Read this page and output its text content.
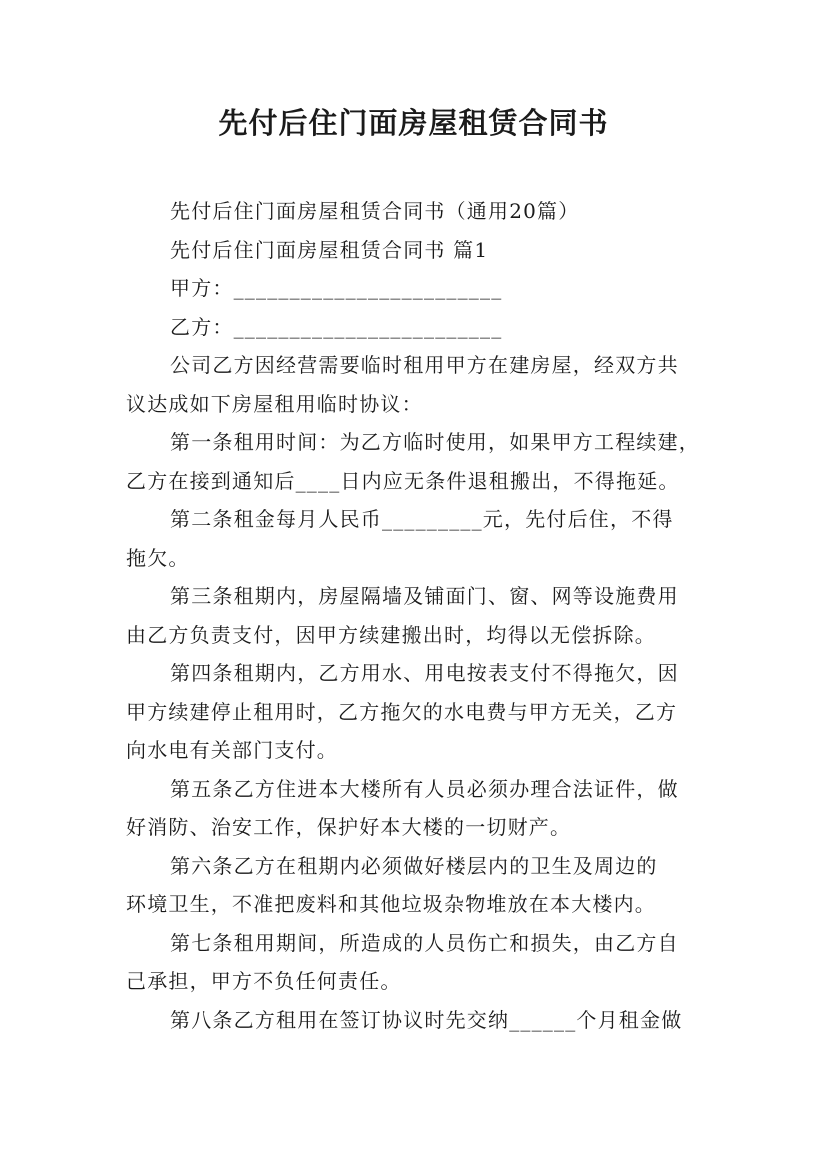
先付后住门面房屋租赁合同书
先付后住门面房屋租赁合同书（通用20篇）
先付后住门面房屋租赁合同书 篇1
甲方：________________________
乙方：________________________
公司乙方因经营需要临时租用甲方在建房屋，经双方共
议达成如下房屋租用临时协议：
第一条租用时间：为乙方临时使用，如果甲方工程续建，
乙方在接到通知后____日内应无条件退租搬出，不得拖延。
第二条租金每月人民币_________元，先付后住，不得
拖欠。
第三条租期内，房屋隔墙及铺面门、窗、网等设施费用
由乙方负责支付，因甲方续建搬出时，均得以无偿拆除。
第四条租期内，乙方用水、用电按表支付不得拖欠，因
甲方续建停止租用时，乙方拖欠的水电费与甲方无关，乙方
向水电有关部门支付。
第五条乙方住进本大楼所有人员必须办理合法证件，做
好消防、治安工作，保护好本大楼的一切财产。
第六条乙方在租期内必须做好楼层内的卫生及周边的
环境卫生，不准把废料和其他垃圾杂物堆放在本大楼内。
第七条租用期间，所造成的人员伤亡和损失，由乙方自
己承担，甲方不负任何责任。
第八条乙方租用在签订协议时先交纳______个月租金做
